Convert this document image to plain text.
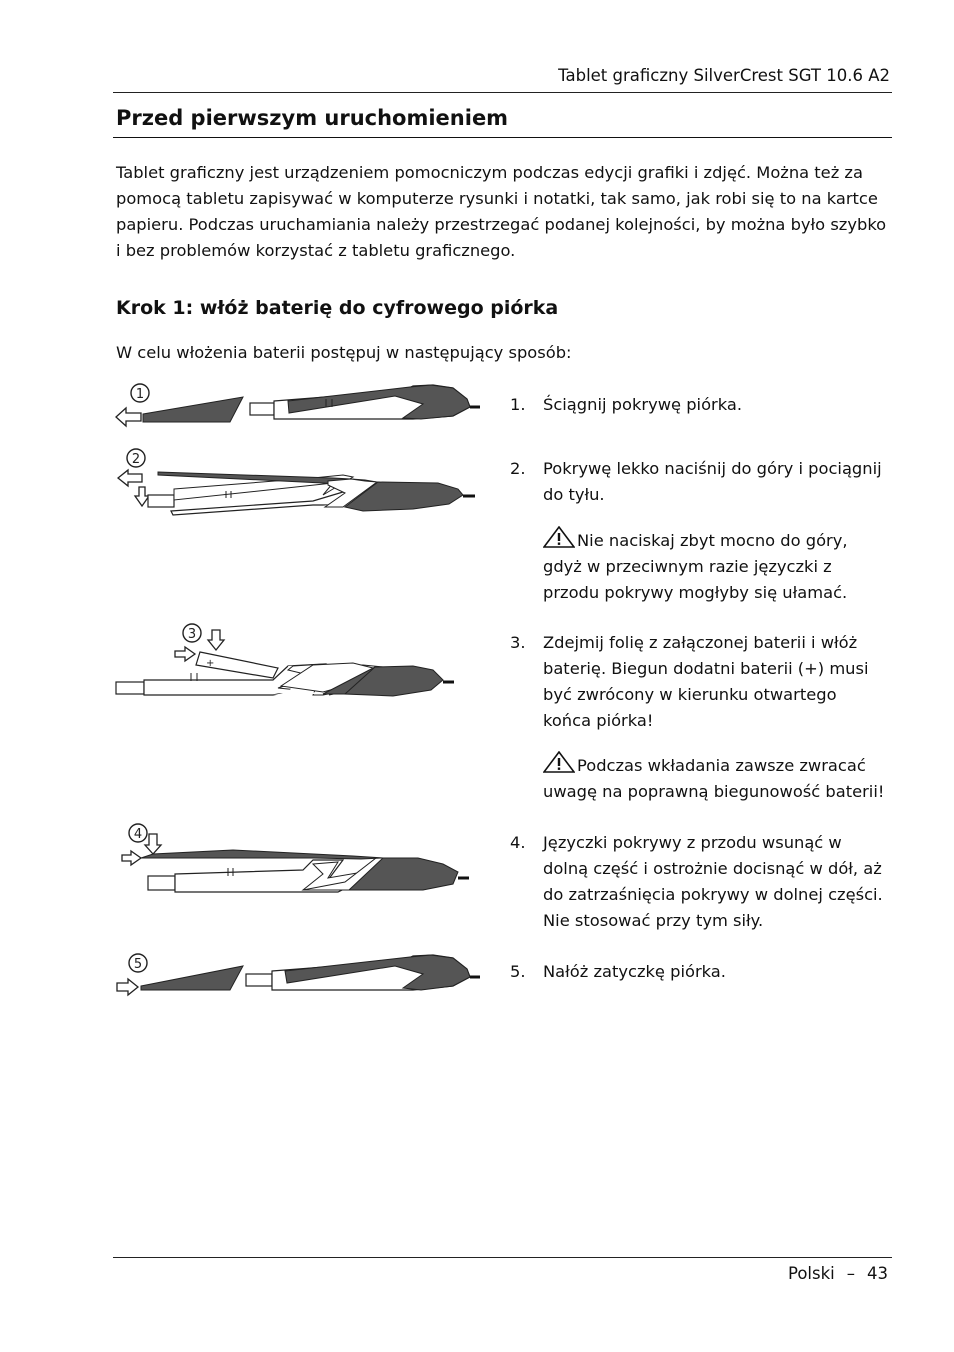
Tablet graficzny SilverCrest SGT 10.6 A2
Przed pierwszym uruchomieniem
Tablet graficzny jest urządzeniem pomocniczym podczas edycji grafiki i zdjęć. Można też za pomocą tabletu zapisywać w komputerze rysunki i notatki, tak samo, jak robi się to na kartce papieru. Podczas uruchamiania należy przestrzegać podanej kolejności, by można było szybko i bez problemów korzystać z tabletu graficznego.
Krok 1: włóż baterię do cyfrowego piórka
W celu włożenia baterii postępuj w następujący sposób:
1
1. Ściągnij pokrywę piórka.
2	2. Pokrywę lekko naciśnij do góry i pociągnij do tyłu.
Nie naciskaj zbyt mocno do góry, gdyż w przeciwnym razie języczki z przodu pokrywy mogłyby się ułamać.
3
+
3. Zdejmij folię z załączonej baterii i włóż baterię. Biegun dodatni baterii (+) musi być zwrócony w kierunku otwartego końca piórka!
Podczas wkładania zawsze zwracać uwagę na poprawną biegunowość baterii!
4	4. Języczki pokrywy z przodu wsunąć w dolną część i ostrożnie docisnąć w dół, aż do zatrzaśnięcia pokrywy w dolnej części. Nie stosować przy tym siły.
5	5. Nałóż zatyczkę piórka.
Polski – 43
